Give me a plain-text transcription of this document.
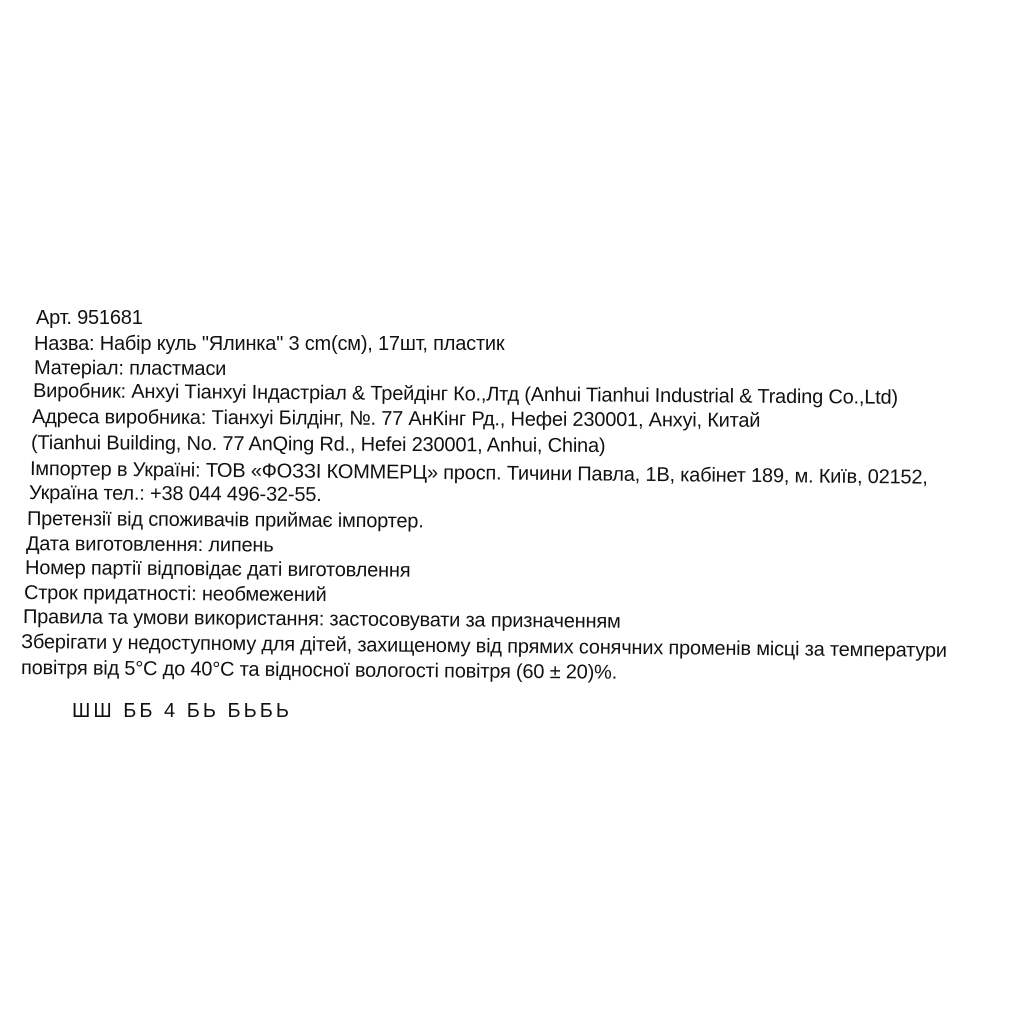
Арт. 951681
Назва: Набір куль "Ялинка" 3 cm(см), 17шт, пластик
Матеріал: пластмаси
Виробник: Анхуі Тіанхуі Індастріал & Трейдінг Ко.,Лтд (Anhui Tianhui Industrial & Trading Co.,Ltd)
Адреса виробника: Тіанхуі Білдінг, №. 77 АнКінг Рд., Нефеі 230001, Анхуі, Китай
(Tianhui Building, No. 77 AnQing Rd., Hefei 230001, Anhui, China)
Імпортер в Україні: ТОВ «ФОЗЗІ КОММЕРЦ» просп. Тичини Павла, 1В, кабінет 189, м. Київ, 02152,
Україна тел.: +38 044 496-32-55.
Претензії від споживачів приймає імпортер.
Дата виготовлення: липень
Номер партії відповідає даті виготовлення
Строк придатності: необмежений
Правила та умови використання: застосовувати за призначенням
Зберігати у недоступному для дітей, захищеному від прямих сонячних променів місці за температури
повітря від 5°С до 40°С та відносної вологості повітря (60 ± 20)%.
ШШ ББ 4 БЬ БЬБЬ
